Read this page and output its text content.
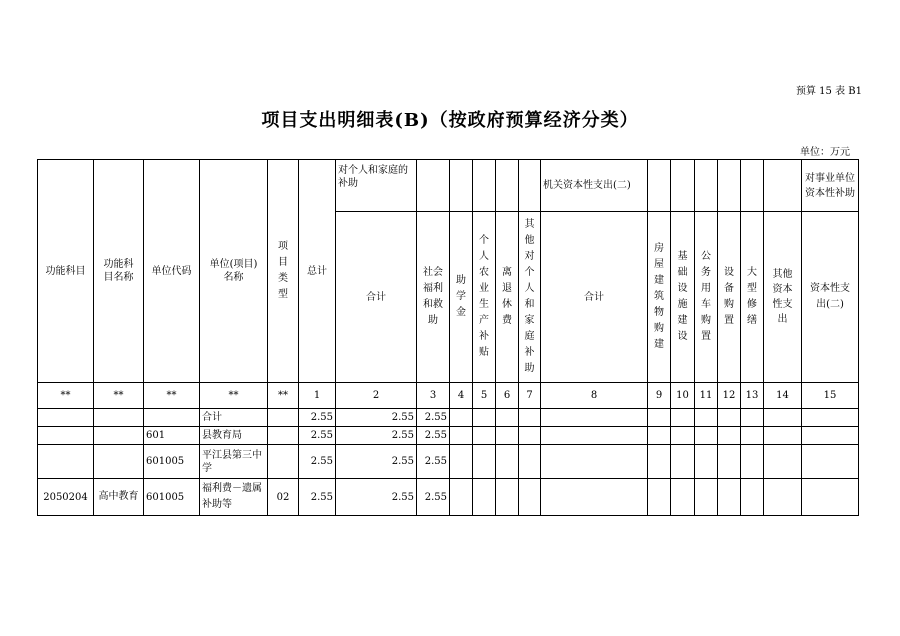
预算 15 表 B1
项目支出明细表(B)（按政府预算经济分类）
单位：万元
功能科目	功能科目名称	单位代码	单位(项目)名称	项目类型	总计	对个人和家庭的补助						机关资本性支出(二)							对事业单位资本性补助

						合计	社会福利和救助	助学金	个人农业生产补贴	离退休费	其他对个人和家庭补助	合计	房屋建筑物购建	基础设施建设	公务用车购置	设备购置	大型修缮	其他资本性支出	资本性支出(二)

**	**	**	**	**	1	2	3	4	5	6	7	8	9	10	11	12	13	14	15
			合计		2.55	2.55	2.55												
		601	县教育局		2.55	2.55	2.55												
		601005	平江县第三中学		2.55	2.55	2.55												
2050204	高中教育	601005	福利费－遗属补助等	02	2.55	2.55	2.55												
